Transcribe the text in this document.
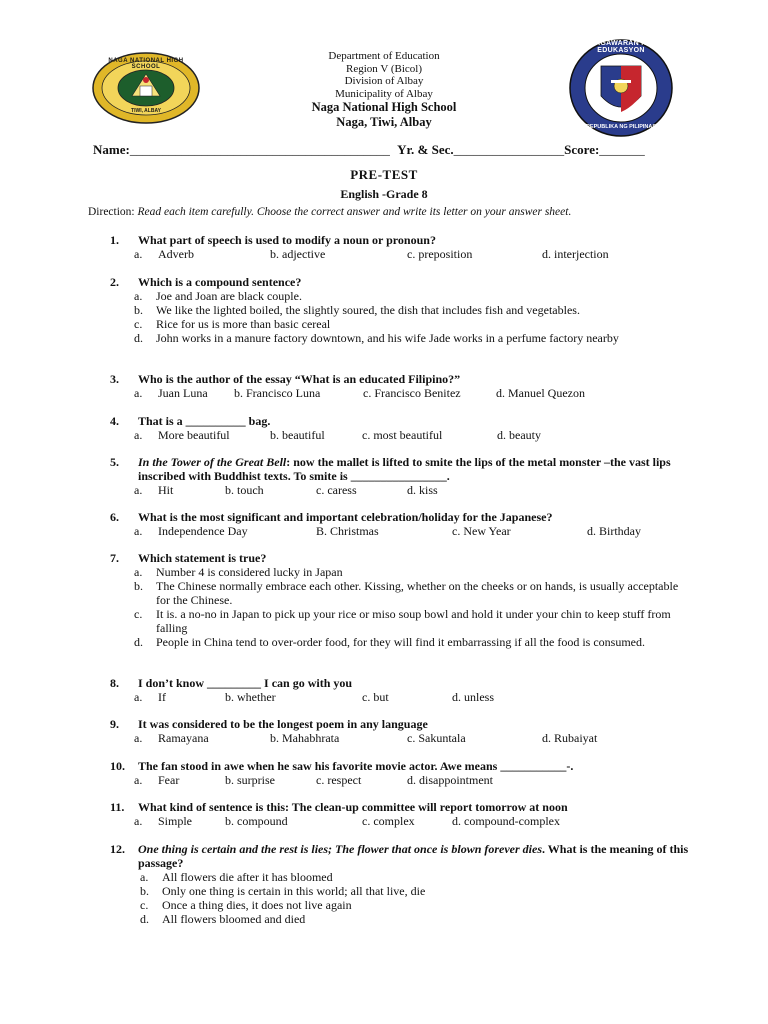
NAGA NATIONAL HIGH SCHOOL
TIWI, ALBAY
KAGAWARAN NG EDUKASYON
REPUBLIKA NG PILIPINAS
Department of Education
Region V (Bicol)
Division of Albay
Municipality of Albay
Naga National High School
Naga, Tiwi, Albay
Name:________________________________________ Yr. & Sec._________________Score:_______
PRE-TEST
English -Grade 8
Direction: Read each item carefully. Choose the correct answer and write its letter on your answer sheet.
1.	What part of speech is used to modify a noun or pronoun?
a. Adverb	b. adjective	c. preposition	d. interjection
2.	Which is a compound sentence?
a.	Joe and Joan are black couple.
b.	We like the lighted boiled, the slightly soured, the dish that includes fish and vegetables.
c.	Rice for us is more than basic cereal
d.	John works in a manure factory downtown, and his wife Jade works in a perfume factory nearby
3.	Who is the author of the essay “What is an educated Filipino?”
a. Juan Luna b. Francisco Luna	c. Francisco Benitez	d. Manuel Quezon
4.	That is a __________ bag.
a. More beautiful	b. beautiful	c. most beautiful	d. beauty
5.	In the Tower of the Great Bell: now the mallet is lifted to smite the lips of the metal monster –the vast lips inscribed with Buddhist texts. To smite is ________________.
a. Hit	b. touch	c. caress	d. kiss
6.	What is the most significant and important celebration/holiday for the Japanese?
a. Independence Day	B. Christmas	c. New Year	d. Birthday
7.	Which statement is true?
a.	Number 4 is considered lucky in Japan
b.	The Chinese normally embrace each other. Kissing, whether on the cheeks or on hands, is usually acceptable for the Chinese.
c.	It is. a no-no in Japan to pick up your rice or miso soup bowl and hold it under your chin to keep stuff from falling
d.	People in China tend to over-order food, for they will find it embarrassing if all the food is consumed.
8.	I don’t know _________ I can go with you
a. If	b. whether	c. but	d. unless
9.	It was considered to be the longest poem in any language
a. Ramayana	b. Mahabhrata	c. Sakuntala	d. Rubaiyat
10.	The fan stood in awe when he saw his favorite movie actor. Awe means ___________-.
a. Fear	b. surprise	c. respect	d. disappointment
11.	What kind of sentence is this: The clean-up committee will report tomorrow at noon
a. Simple	b. compound	c. complex	d. compound-complex
12.	One thing is certain and the rest is lies; The flower that once is blown forever dies. What is the meaning of this passage?
a.	All flowers die after it has bloomed
b.	Only one thing is certain in this world; all that live, die
c.	Once a thing dies, it does not live again
d.	All flowers bloomed and died
